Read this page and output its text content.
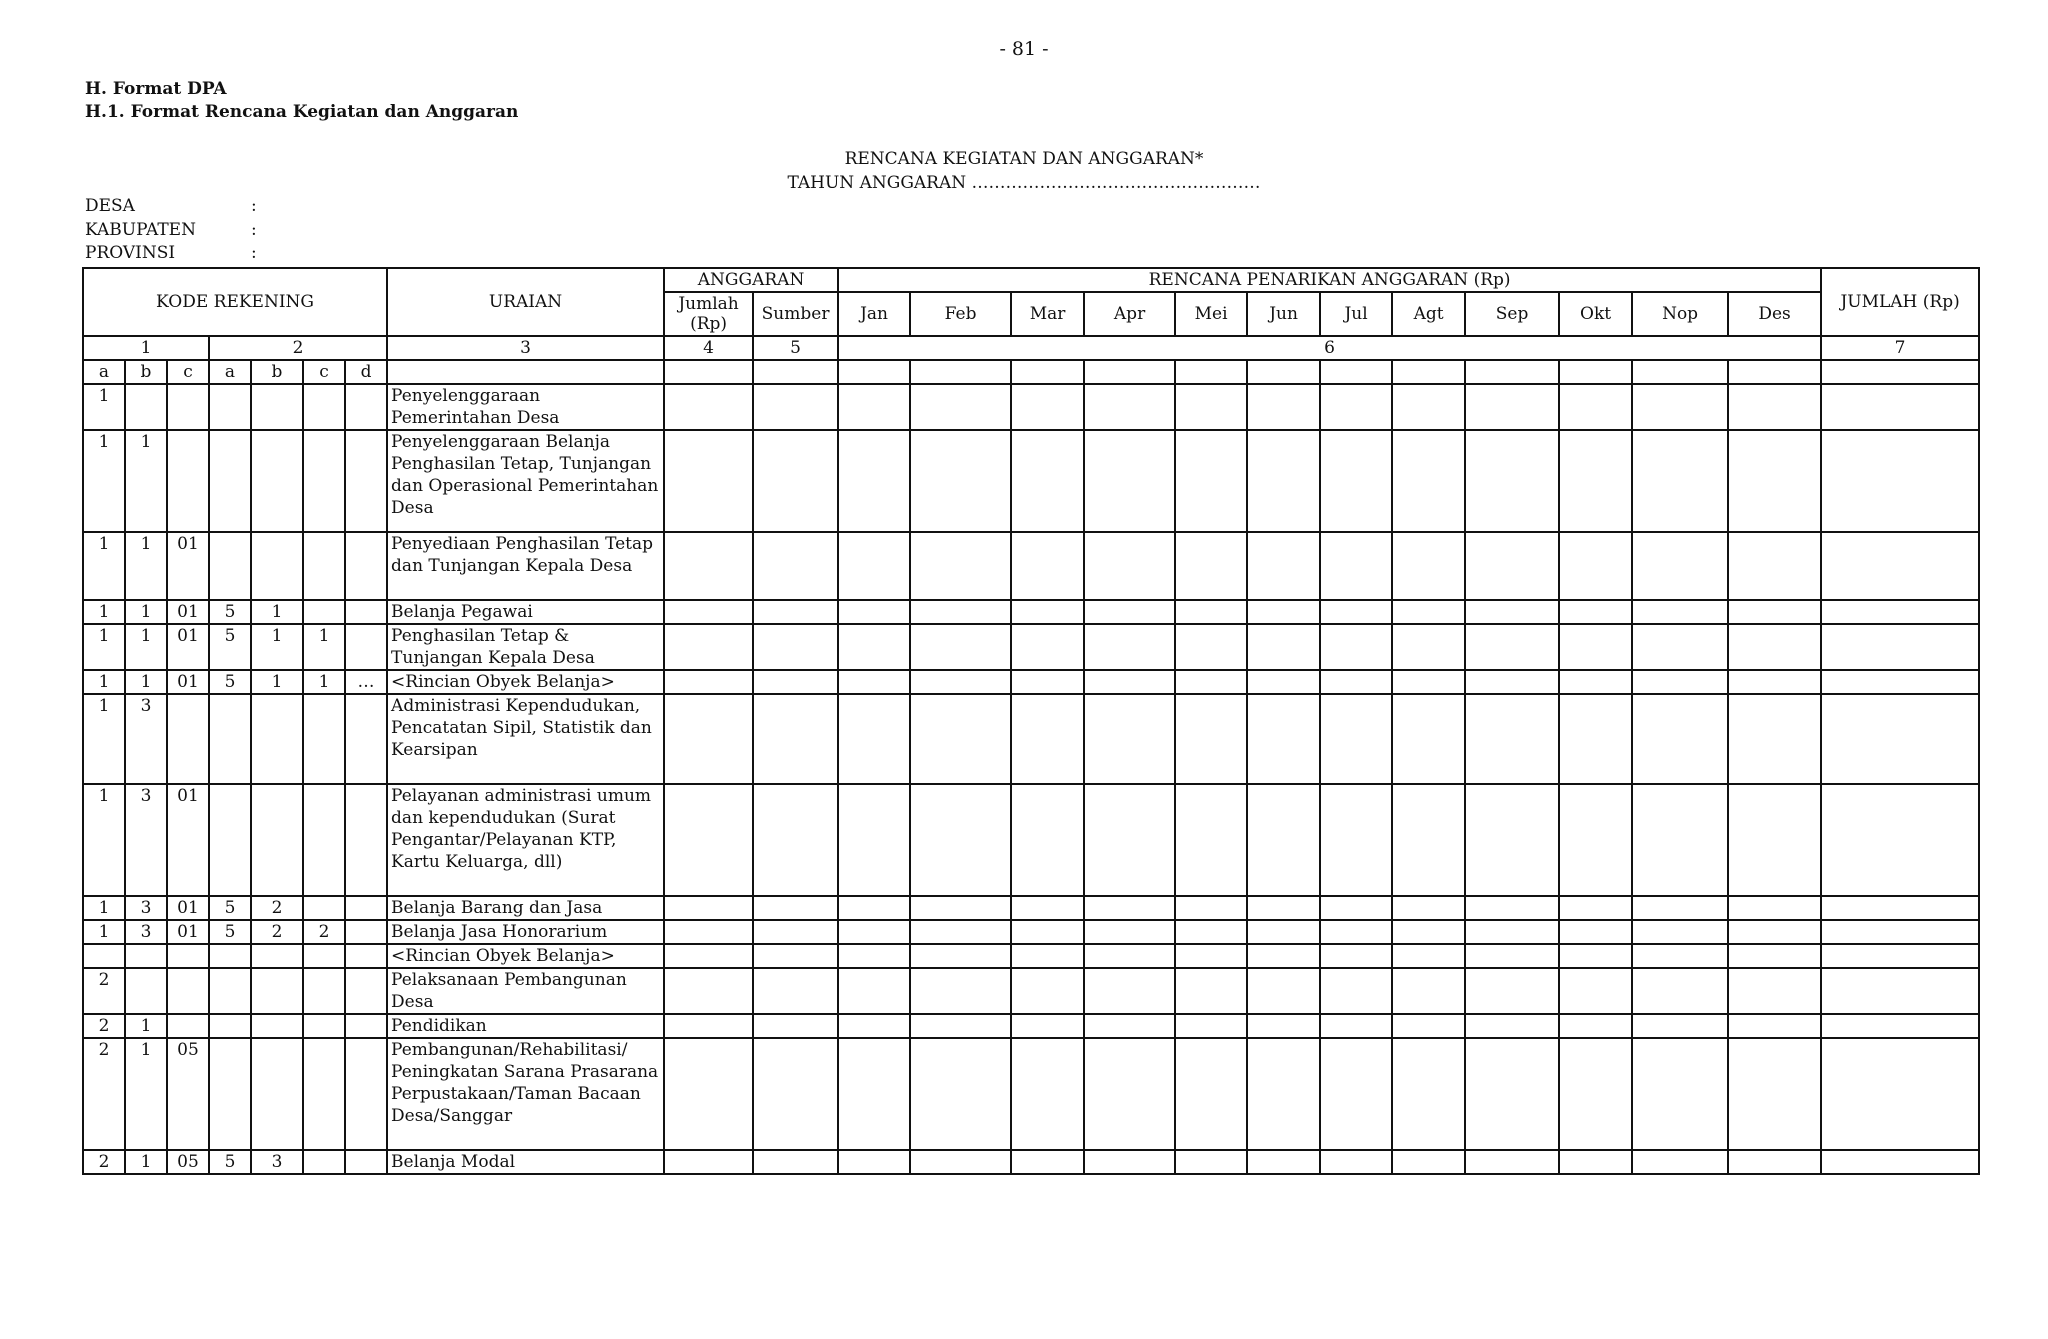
- 81 -
H. Format DPA
H.1. Format Rencana Kegiatan dan Anggaran
RENCANA KEGIATAN DAN ANGGARAN*
TAHUN ANGGARAN ……………………………………………
DESA	:
KABUPATEN	:
PROVINSI	:
KODE REKENING							URAIAN	ANGGARAN		RENCANA PENARIKAN ANGGARAN (Rp)												JUMLAH (Rp)
								Jumlah (Rp)	Sumber	Jan	Feb	Mar	Apr	Mei	Jun	Jul	Agt	Sep	Okt	Nop	Des	
1			2				3	4	5	6												7
a	b	c	a	b	c	d																
1							Penyelenggaraan Pemerintahan Desa															
1	1						Penyelenggaraan Belanja Penghasilan Tetap, Tunjangan dan Operasional Pemerintahan Desa															
1	1	01					Penyediaan Penghasilan Tetap dan Tunjangan Kepala Desa															
1	1	01	5	1			Belanja Pegawai															
1	1	01	5	1	1		Penghasilan Tetap & Tunjangan Kepala Desa															
1	1	01	5	1	1	…	<Rincian Obyek Belanja>															
1	3						Administrasi Kependudukan, Pencatatan Sipil, Statistik dan Kearsipan															
1	3	01					Pelayanan administrasi umum dan kependudukan (Surat Pengantar/Pelayanan KTP, Kartu Keluarga, dll)															
1	3	01	5	2			Belanja Barang dan Jasa															
1	3	01	5	2	2		Belanja Jasa Honorarium															
							<Rincian Obyek Belanja>															
2							Pelaksanaan Pembangunan Desa															
2	1						Pendidikan															
2	1	05					Pembangunan/Rehabilitasi/ Peningkatan Sarana Prasarana Perpustakaan/Taman Bacaan Desa/Sanggar															
2	1	05	5	3			Belanja Modal															
